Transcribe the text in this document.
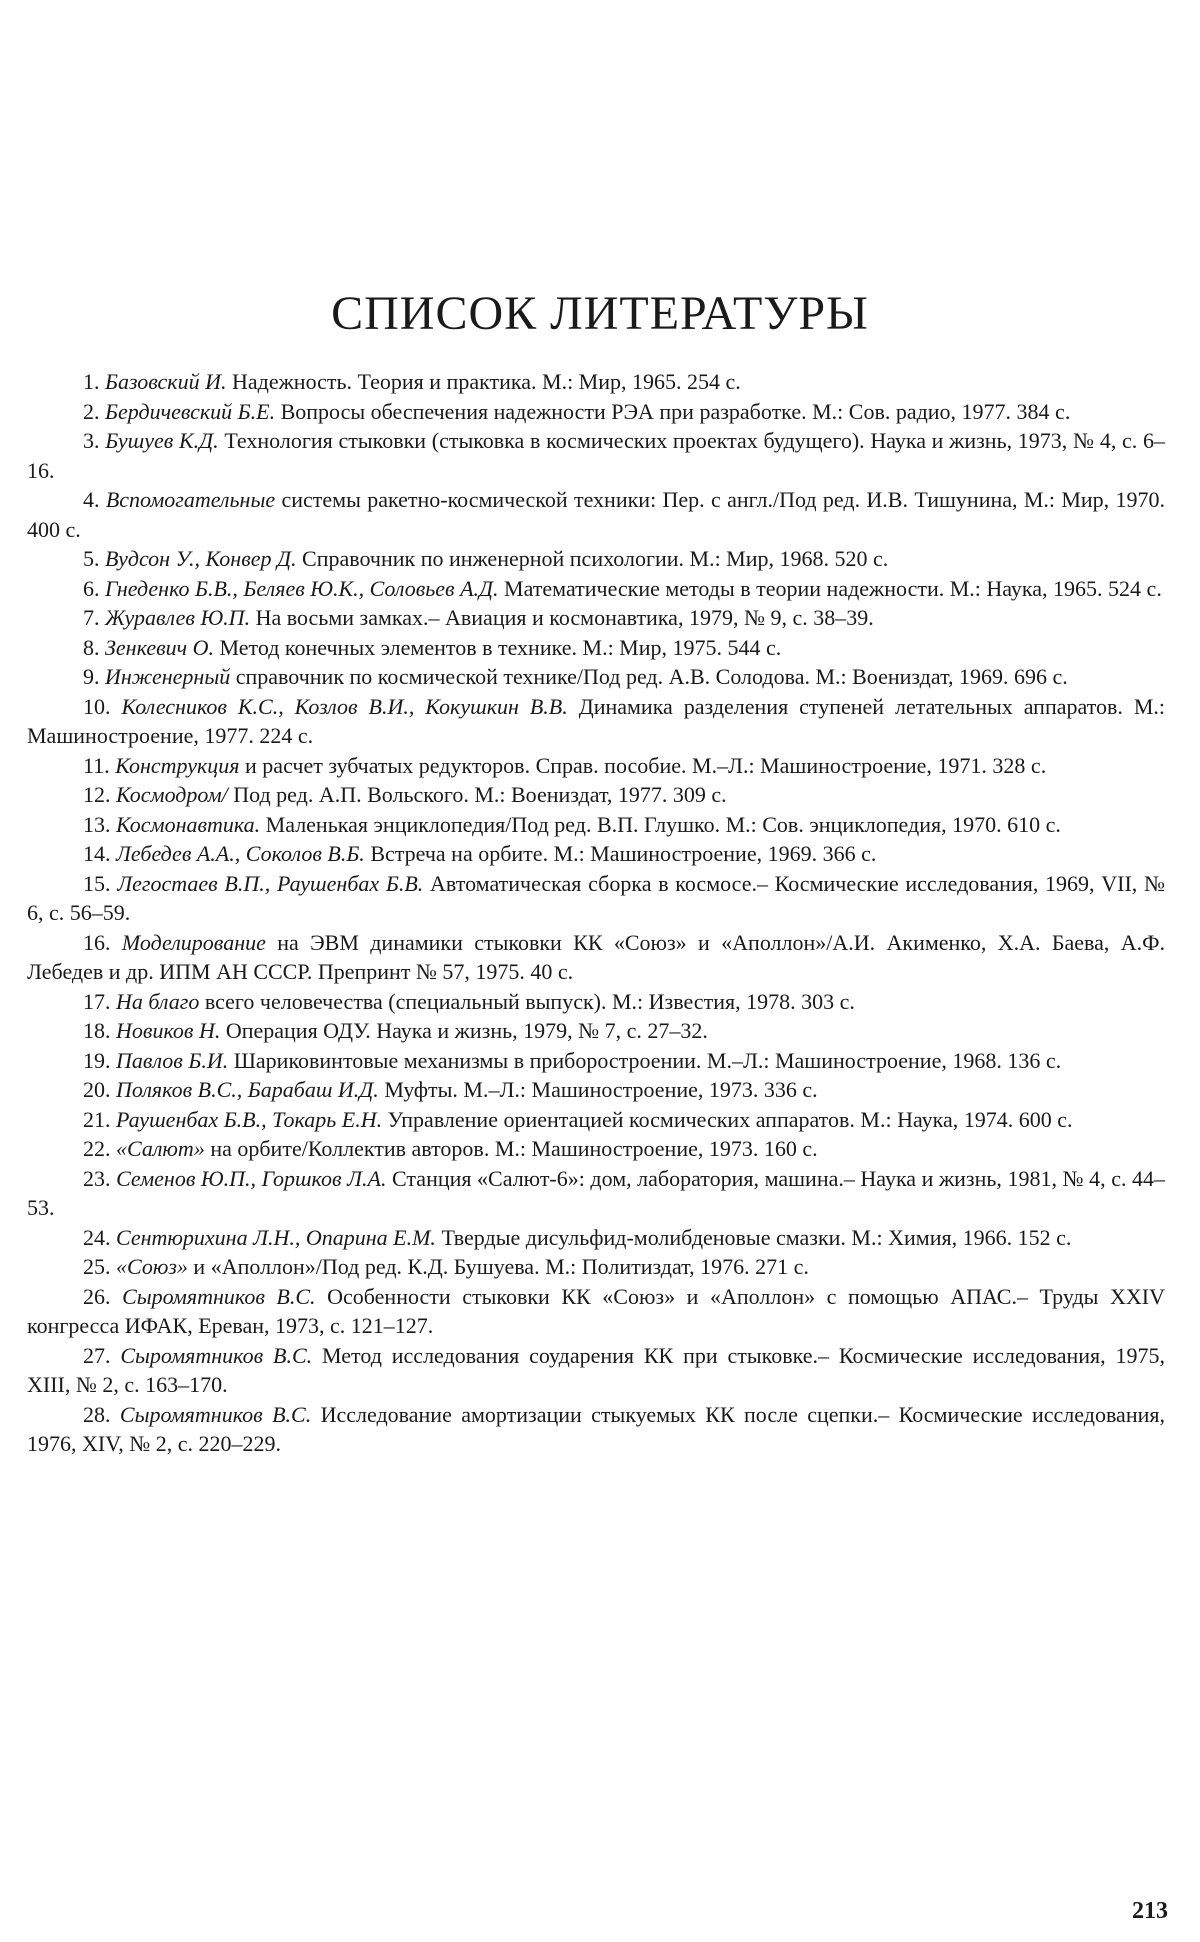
СПИСОК ЛИТЕРАТУРЫ
1. Базовский И. Надежность. Теория и практика. М.: Мир, 1965. 254 с.
2. Бердичевский Б.Е. Вопросы обеспечения надежности РЭА при разработке. М.: Сов. радио, 1977. 384 с.
3. Бушуев К.Д. Технология стыковки (стыковка в космических проектах будущего). Наука и жизнь, 1973, № 4, с. 6–16.
4. Вспомогательные системы ракетно-космической техники: Пер. с англ./Под ред. И.В. Тишунина, М.: Мир, 1970. 400 с.
5. Вудсон У., Конвер Д. Справочник по инженерной психологии. М.: Мир, 1968. 520 с.
6. Гнеденко Б.В., Беляев Ю.К., Соловьев А.Д. Математические методы в теории надежности. М.: Наука, 1965. 524 с.
7. Журавлев Ю.П. На восьми замках.– Авиация и космонавтика, 1979, № 9, с. 38–39.
8. Зенкевич О. Метод конечных элементов в технике. М.: Мир, 1975. 544 с.
9. Инженерный справочник по космической технике/Под ред. А.В. Солодова. М.: Воениздат, 1969. 696 с.
10. Колесников К.С., Козлов В.И., Кокушкин В.В. Динамика разделения ступеней летательных аппаратов. М.: Машиностроение, 1977. 224 с.
11. Конструкция и расчет зубчатых редукторов. Справ. пособие. М.–Л.: Машиностроение, 1971. 328 с.
12. Космодром/ Под ред. А.П. Вольского. М.: Воениздат, 1977. 309 с.
13. Космонавтика. Маленькая энциклопедия/Под ред. В.П. Глушко. М.: Сов. энциклопедия, 1970. 610 с.
14. Лебедев А.А., Соколов В.Б. Встреча на орбите. М.: Машиностроение, 1969. 366 с.
15. Легостаев В.П., Раушенбах Б.В. Автоматическая сборка в космосе.– Космические исследования, 1969, VII, № 6, с. 56–59.
16. Моделирование на ЭВМ динамики стыковки КК «Союз» и «Аполлон»/А.И. Акименко, Х.А. Баева, А.Ф. Лебедев и др. ИПМ АН СССР. Препринт № 57, 1975. 40 с.
17. На благо всего человечества (специальный выпуск). М.: Известия, 1978. 303 с.
18. Новиков Н. Операция ОДУ. Наука и жизнь, 1979, № 7, с. 27–32.
19. Павлов Б.И. Шариковинтовые механизмы в приборостроении. М.–Л.: Машиностроение, 1968. 136 с.
20. Поляков В.С., Барабаш И.Д. Муфты. М.–Л.: Машиностроение, 1973. 336 с.
21. Раушенбах Б.В., Токарь Е.Н. Управление ориентацией космических аппаратов. М.: Наука, 1974. 600 с.
22. «Салют» на орбите/Коллектив авторов. М.: Машиностроение, 1973. 160 с.
23. Семенов Ю.П., Горшков Л.А. Станция «Салют-6»: дом, лаборатория, машина.– Наука и жизнь, 1981, № 4, с. 44–53.
24. Сентюрихина Л.Н., Опарина Е.М. Твердые дисульфид-молибденовые смазки. М.: Химия, 1966. 152 с.
25. «Союз» и «Аполлон»/Под ред. К.Д. Бушуева. М.: Политиздат, 1976. 271 с.
26. Сыромятников В.С. Особенности стыковки КК «Союз» и «Аполлон» с помощью АПАС.– Труды XXIV конгресса ИФАК, Ереван, 1973, с. 121–127.
27. Сыромятников В.С. Метод исследования соударения КК при стыковке.– Космические исследования, 1975, XIII, № 2, с. 163–170.
28. Сыромятников В.С. Исследование амортизации стыкуемых КК после сцепки.– Космические исследования, 1976, XIV, № 2, с. 220–229.
213
